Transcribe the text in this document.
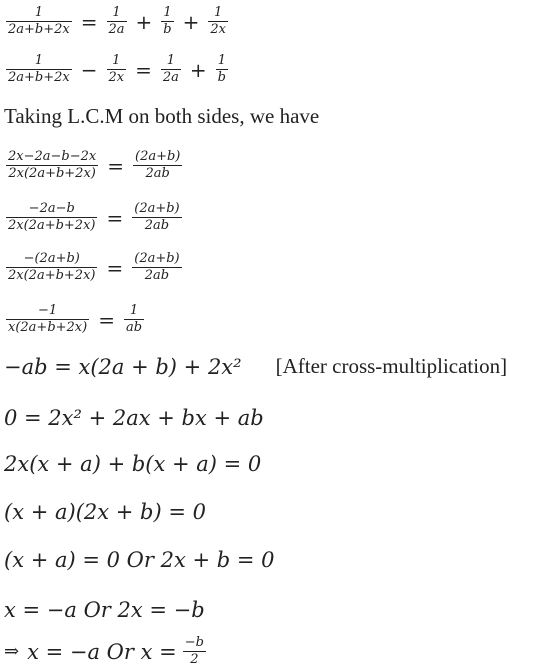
$\frac{1}{2a+b+2x} = \frac{1}{2a} + \frac{1}{b} + \frac{1}{2x}$
$\frac{1}{2a+b+2x} - \frac{1}{2x} = \frac{1}{2a} + \frac{1}{b}$
Taking L.C.M on both sides, we have
$\frac{2x-2a-b-2x}{2x(2a+b+2x)} = \frac{(2a+b)}{2ab}$
$\frac{-2a-b}{2x(2a+b+2x)} = \frac{(2a+b)}{2ab}$
$\frac{-(2a+b)}{2x(2a+b+2x)} = \frac{(2a+b)}{2ab}$
$\frac{-1}{x(2a+b+2x)} = \frac{1}{ab}$
−ab = x(2a + b) + 2x² [After cross-multiplication]
0 = 2x² + 2ax + bx + ab
2x(x + a) + b(x + a) = 0
(x + a)(2x + b) = 0
(x + a) = 0 Or 2x + b = 0
x = −a Or 2x = −b
⇒ x = −a Or $x = \frac{-b}{2}$
